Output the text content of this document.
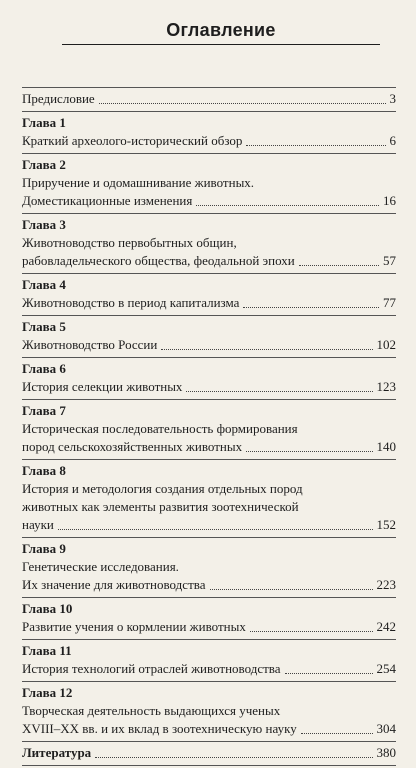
Оглавление
Предисловие	3
Глава 1
Краткий археолого-исторический обзор	6
Глава 2
Приручение и одомашнивание животных.
Доместикационные изменения	16
Глава 3
Животноводство первобытных общин,
рабовладельческого общества, феодальной эпохи	57
Глава 4
Животноводство в период капитализма	77
Глава 5
Животноводство России	102
Глава 6
История селекции животных	123
Глава 7
Историческая последовательность формирования
пород сельскохозяйственных животных	140
Глава 8
История и методология создания отдельных пород
животных как элементы развития зоотехнической
науки	152
Глава 9
Генетические исследования.
Их значение для животноводства	223
Глава 10
Развитие учения о кормлении животных	242
Глава 11
История технологий отраслей животноводства	254
Глава 12
Творческая деятельность выдающихся ученых
XVIII–XX вв. и их вклад в зоотехническую науку	304
Литература	380
